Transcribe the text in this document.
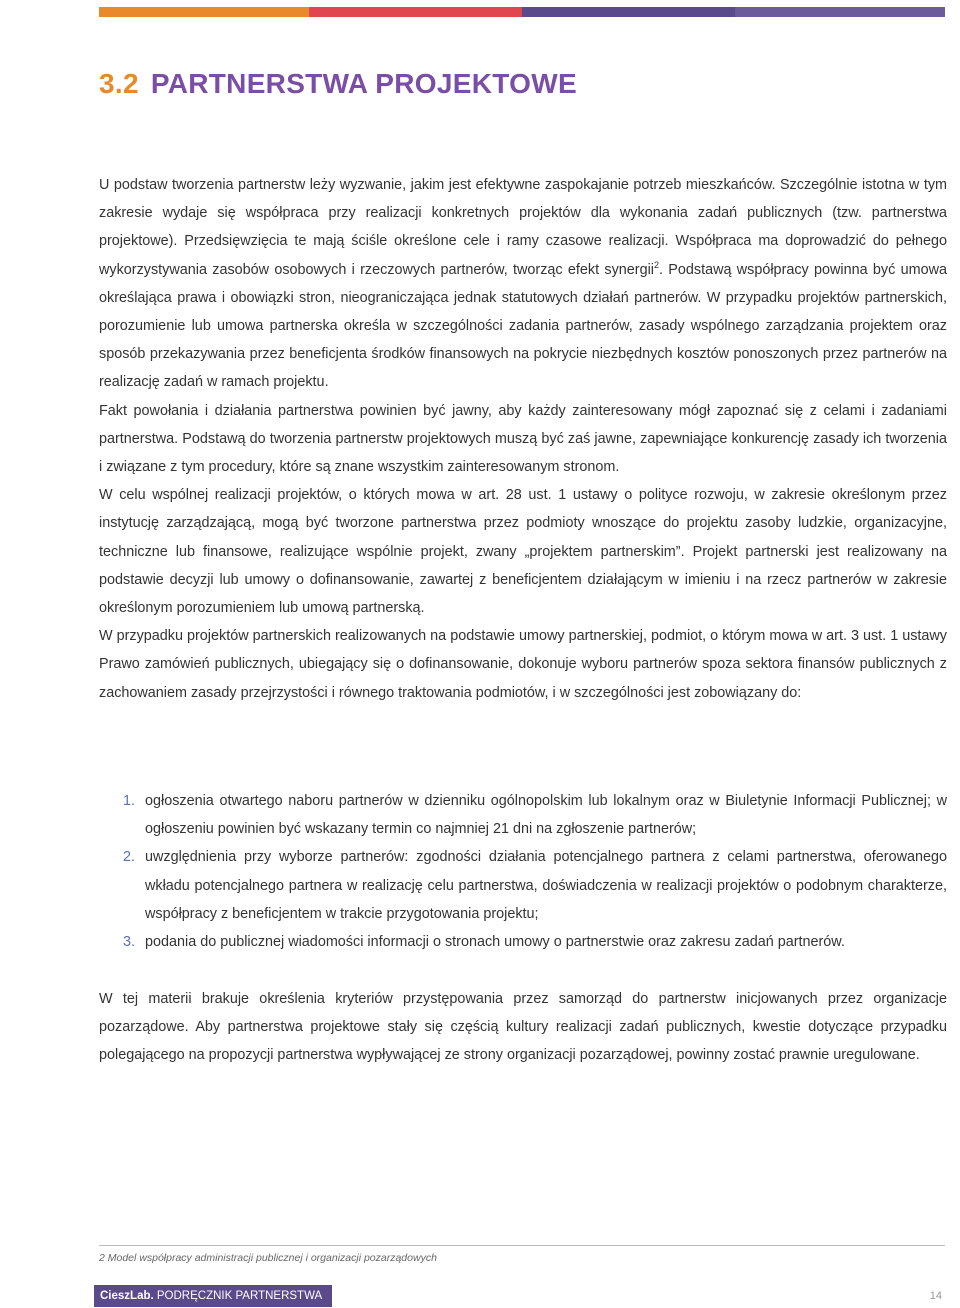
3.2 PARTNERSTWA PROJEKTOWE

U podstaw tworzenia partnerstw leży wyzwanie, jakim jest efektywne zaspokajanie potrzeb mieszkańców. Szczególnie istotna w tym zakresie wydaje się współpraca przy realizacji konkretnych projektów dla wykonania zadań publicznych (tzw. partnerstwa projektowe). Przedsięwzięcia te mają ściśle określone cele i ramy czasowe realizacji. Współpraca ma doprowadzić do pełnego wykorzystywania zasobów osobowych i rzeczowych partnerów, tworząc efekt synergii$^2$. Podstawą współpracy powinna być umowa określająca prawa i obowiązki stron, nieograniczająca jednak statutowych działań partnerów. W przypadku projektów partnerskich, porozumienie lub umowa partnerska określa w szczególności zadania partnerów, zasady wspólnego zarządzania projektem oraz sposób przekazywania przez beneficjenta środków finansowych na pokrycie niezbędnych kosztów ponoszonych przez partnerów na realizację zadań w ramach projektu.

Fakt powołania i działania partnerstwa powinien być jawny, aby każdy zainteresowany mógł zapoznać się z celami i zadaniami partnerstwa. Podstawą do tworzenia partnerstw projektowych muszą być zaś jawne, zapewniające konkurencję zasady ich tworzenia i związane z tym procedury, które są znane wszystkim zainteresowanym stronom.

W celu wspólnej realizacji projektów, o których mowa w art. 28 ust. 1 ustawy o polityce rozwoju, w zakresie określonym przez instytucję zarządzającą, mogą być tworzone partnerstwa przez podmioty wnoszące do projektu zasoby ludzkie, organizacyjne, techniczne lub finansowe, realizujące wspólnie projekt, zwany „projektem partnerskim”. Projekt partnerski jest realizowany na podstawie decyzji lub umowy o dofinansowanie, zawartej z beneficjentem działającym w imieniu i na rzecz partnerów w zakresie określonym porozumieniem lub umową partnerską.

W przypadku projektów partnerskich realizowanych na podstawie umowy partnerskiej, podmiot, o którym mowa w art. 3 ust. 1 ustawy Prawo zamówień publicznych, ubiegający się o dofinansowanie, dokonuje wyboru partnerów spoza sektora finansów publicznych z zachowaniem zasady przejrzystości i równego traktowania podmiotów, i w szczególności jest zobowiązany do:

1. ogłoszenia otwartego naboru partnerów w dzienniku ogólnopolskim lub lokalnym oraz w Biuletynie Informacji Publicznej; w ogłoszeniu powinien być wskazany termin co najmniej 21 dni na zgłoszenie partnerów;
2. uwzględnienia przy wyborze partnerów: zgodności działania potencjalnego partnera z celami partnerstwa, oferowanego wkładu potencjalnego partnera w realizację celu partnerstwa, doświadczenia w realizacji projektów o podobnym charakterze, współpracy z beneficjentem w trakcie przygotowania projektu;
3. podania do publicznej wiadomości informacji o stronach umowy o partnerstwie oraz zakresu zadań partnerów.

W tej materii brakuje określenia kryteriów przystępowania przez samorząd do partnerstw inicjowanych przez organizacje pozarządowe. Aby partnerstwa projektowe stały się częścią kultury realizacji zadań publicznych, kwestie dotyczące przypadku polegającego na propozycji partnerstwa wypływającej ze strony organizacji pozarządowej, powinny zostać prawnie uregulowane.

2 Model współpracy administracji publicznej i organizacji pozarządowych
CieszLab. PODRĘCZNIK PARTNERSTWA	14
